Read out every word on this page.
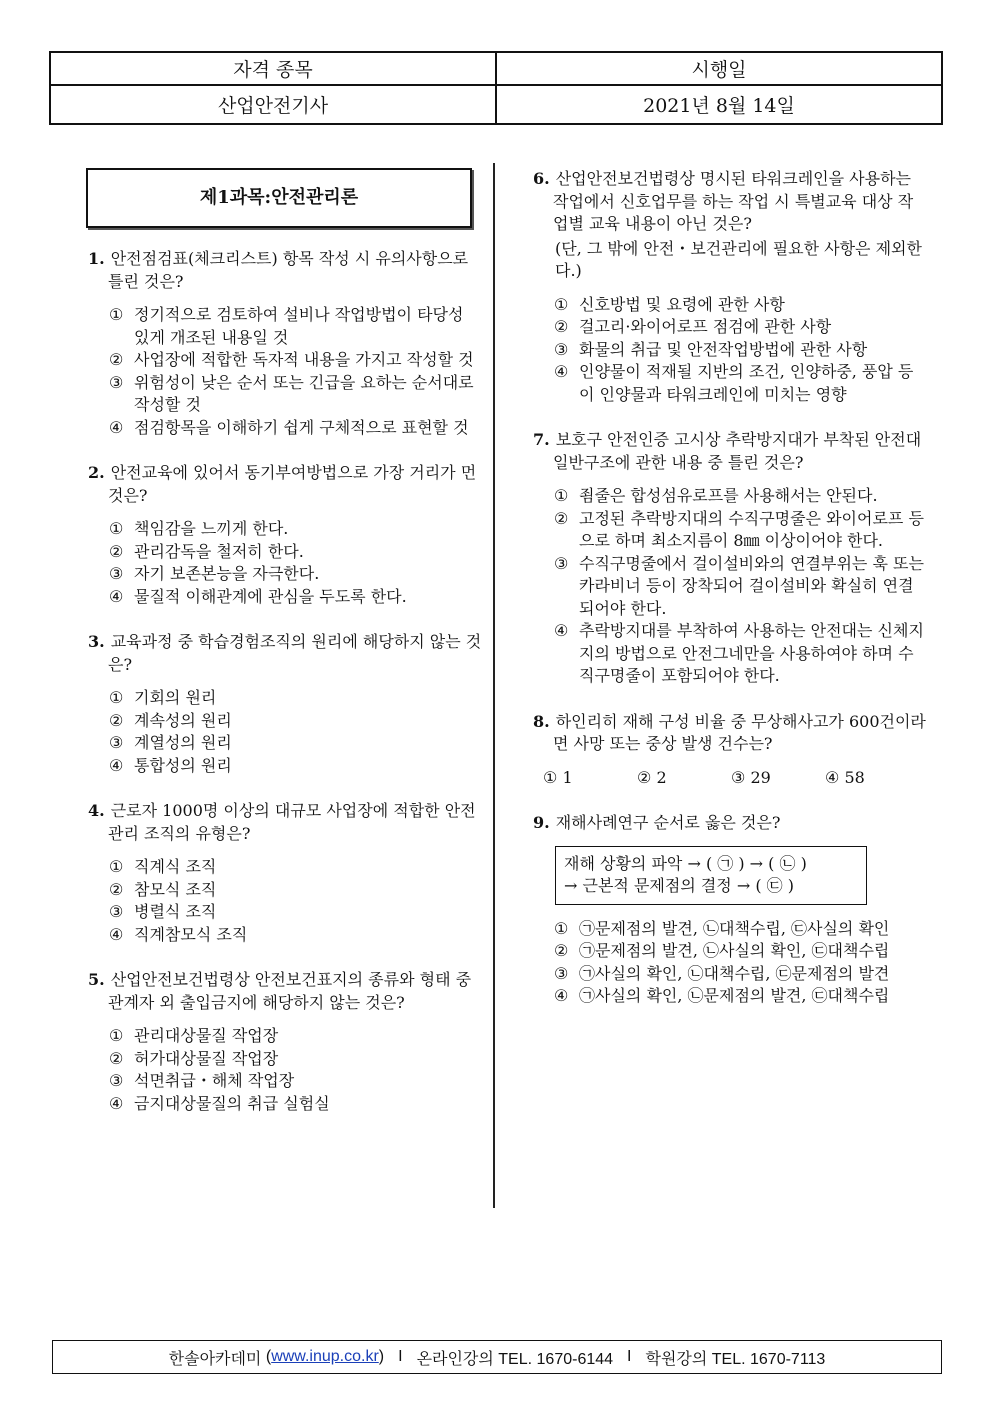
자격 종목	시행일
산업안전기사	2021년 8월 14일
제1과목:안전관리론
1. 안전점검표(체크리스트) 항목 작성 시 유의사항으로 틀린 것은?
① 정기적으로 검토하여 설비나 작업방법이 타당성 있게 개조된 내용일 것
② 사업장에 적합한 독자적 내용을 가지고 작성할 것
③ 위험성이 낮은 순서 또는 긴급을 요하는 순서대로 작성할 것
④ 점검항목을 이해하기 쉽게 구체적으로 표현할 것
2. 안전교육에 있어서 동기부여방법으로 가장 거리가 먼 것은?
① 책임감을 느끼게 한다.
② 관리감독을 철저히 한다.
③ 자기 보존본능을 자극한다.
④ 물질적 이해관계에 관심을 두도록 한다.
3. 교육과정 중 학습경험조직의 원리에 해당하지 않는 것은?
① 기회의 원리
② 계속성의 원리
③ 계열성의 원리
④ 통합성의 원리
4. 근로자 1000명 이상의 대규모 사업장에 적합한 안전관리 조직의 유형은?
① 직계식 조직
② 참모식 조직
③ 병렬식 조직
④ 직계참모식 조직
5. 산업안전보건법령상 안전보건표지의 종류와 형태 중 관계자 외 출입금지에 해당하지 않는 것은?
① 관리대상물질 작업장
② 허가대상물질 작업장
③ 석면취급・해체 작업장
④ 금지대상물질의 취급 실험실
6. 산업안전보건법령상 명시된 타워크레인을 사용하는 작업에서 신호업무를 하는 작업 시 특별교육 대상 작업별 교육 내용이 아닌 것은?
(단, 그 밖에 안전・보건관리에 필요한 사항은 제외한다.)
① 신호방법 및 요령에 관한 사항
② 걸고리·와이어로프 점검에 관한 사항
③ 화물의 취급 및 안전작업방법에 관한 사항
④ 인양물이 적재될 지반의 조건, 인양하중, 풍압 등이 인양물과 타워크레인에 미치는 영향
7. 보호구 안전인증 고시상 추락방지대가 부착된 안전대 일반구조에 관한 내용 중 틀린 것은?
① 죔줄은 합성섬유로프를 사용해서는 안된다.
② 고정된 추락방지대의 수직구명줄은 와이어로프 등으로 하며 최소지름이 8㎜ 이상이어야 한다.
③ 수직구명줄에서 걸이설비와의 연결부위는 훅 또는 카라비너 등이 장착되어 걸이설비와 확실히 연결되어야 한다.
④ 추락방지대를 부착하여 사용하는 안전대는 신체지지의 방법으로 안전그네만을 사용하여야 하며 수직구명줄이 포함되어야 한다.
8. 하인리히 재해 구성 비율 중 무상해사고가 600건이라면 사망 또는 중상 발생 건수는?
① 1	② 2	③ 29	④ 58
9. 재해사례연구 순서로 옳은 것은?
재해 상황의 파악 → ( ㉠ ) → ( ㉡ )
→ 근본적 문제점의 결정 → ( ㉢ )
① ㉠문제점의 발견, ㉡대책수립, ㉢사실의 확인
② ㉠문제점의 발견, ㉡사실의 확인, ㉢대책수립
③ ㉠사실의 확인, ㉡대책수립, ㉢문제점의 발견
④ ㉠사실의 확인, ㉡문제점의 발견, ㉢대책수립
한솔아카데미 ( www.inup.co.kr ) I 온라인강의 TEL. 1670-6144 I 학원강의 TEL. 1670-7113
